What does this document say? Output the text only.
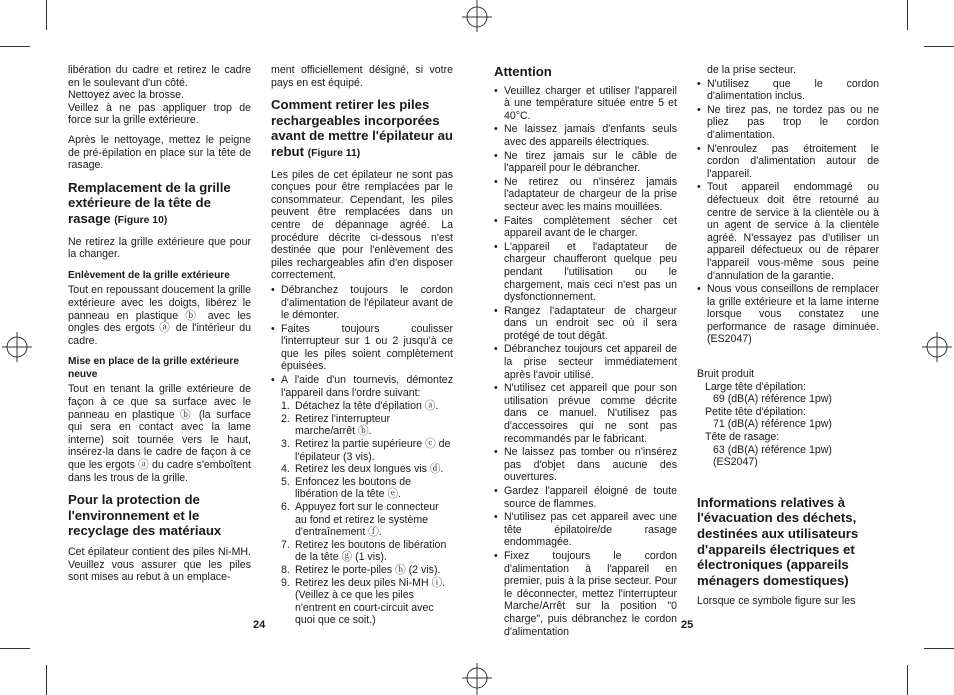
libération du cadre et retirez le cadre en le soulevant d'un côté.

Nettoyez avec la brosse.

Veillez à ne pas appliquer trop de force sur la grille extérieure.

Après le nettoyage, mettez le peigne de pré-épilation en place sur la tête de rasage.

Remplacement de la grille extérieure de la tête de rasage (Figure 10)

Ne retirez la grille extérieure que pour la changer.

Enlèvement de la grille extérieure

Tout en repoussant doucement la grille extérieure avec les doigts, libérez le panneau en plastique ⓑ avec les ongles des ergots ⓐ de l'intérieur du cadre.

Mise en place de la grille extérieure neuve

Tout en tenant la grille extérieure de façon à ce que sa surface avec le panneau en plastique ⓑ (la surface qui sera en contact avec la lame interne) soit tournée vers le haut, insérez-la dans le cadre de façon à ce que les ergots ⓐ du cadre s'emboîtent dans les trous de la grille.

Pour la protection de l'environnement et le recyclage des matériaux

Cet épilateur contient des piles Ni-MH. Veuillez vous assurer que les piles sont mises au rebut à un emplace-

ment officiellement désigné, si votre pays en est équipé.

Comment retirer les piles rechargeables incorporées avant de mettre l'épilateur au rebut (Figure 11)

Les piles de cet épilateur ne sont pas conçues pour être remplacées par le consommateur. Cependant, les piles peuvent être remplacées dans un centre de dépannage agréé. La procédure décrite ci-dessous n'est destinée que pour l'enlèvement des piles rechargeables afin d'en disposer correctement.

• Débranchez toujours le cordon d'alimentation de l'épilateur avant de le démonter.
• Faites toujours coulisser l'interrupteur sur 1 ou 2 jusqu'à ce que les piles soient complètement épuisées.
• A l'aide d'un tournevis, démontez l'appareil dans l'ordre suivant:
1. Détachez la tête d'épilation ⓐ.
2. Retirez l'interrupteur marche/arrêt ⓑ.
3. Retirez la partie supérieure ⓒ de l'épilateur (3 vis).
4. Retirez les deux longues vis ⓓ.
5. Enfoncez les boutons de libération de la tête ⓔ.
6. Appuyez fort sur le connecteur au fond et retirez le système d'entraînement ⓕ.
7. Retirez les boutons de libération de la tête ⓖ (1 vis).
8. Retirez le porte-piles ⓗ (2 vis).
9. Retirez les deux piles Ni-MH ⓘ. (Veillez à ce que les piles n'entrent en court-circuit avec quoi que ce soit.)
24
Attention
• Veuillez charger et utiliser l'appareil à une température située entre 5 et 40°C.
• Ne laissez jamais d'enfants seuls avec des appareils électriques.
• Ne tirez jamais sur le câble de l'appareil pour le débrancher.
• Ne retirez ou n'insérez jamais l'adaptateur de chargeur de la prise secteur avec les mains mouillées.
• Faites complètement sécher cet appareil avant de le charger.
• L'appareil et l'adaptateur de chargeur chaufferont quelque peu pendant l'utilisation ou le chargement, mais ceci n'est pas un dysfonctionnement.
• Rangez l'adaptateur de chargeur dans un endroit sec où il sera protégé de tout dégât.
• Débranchez toujours cet appareil de la prise secteur immédiatement après l'avoir utilisé.
• N'utilisez cet appareil que pour son utilisation prévue comme décrite dans ce manuel. N'utilisez pas d'accessoires qui ne sont pas recommandés par le fabricant.
• Ne laissez pas tomber ou n'insérez pas d'objet dans aucune des ouvertures.
• Gardez l'appareil éloigné de toute source de flammes.
• N'utilisez pas cet appareil avec une tête épilatoire/de rasage endommagée.
• Fixez toujours le cordon d'alimentation à l'appareil en premier, puis à la prise secteur. Pour le déconnecter, mettez l'interrupteur Marche/Arrêt sur la position "0 charge", puis débranchez le cordon d'alimentation

de la prise secteur.

• N'utilisez que le cordon d'alimentation inclus.
• Ne tirez pas, ne tordez pas ou ne pliez pas trop le cordon d'alimentation.
• N'enroulez pas étroitement le cordon d'alimentation autour de l'appareil.
• Tout appareil endommagé ou défectueux doit être retourné au centre de service à la clientèle ou à un agent de service à la clientèle agréé. N'essayez pas d'utiliser un appareil défectueux ou de réparer l'appareil vous-même sous peine d'annulation de la garantie.
• Nous vous conseillons de remplacer la grille extérieure et la lame interne lorsque vous constatez une performance de rasage diminuée. (ES2047)
Bruit produit
Large tête d'épilation:
69 (dB(A) référence 1pw)
Petite tête d'épilation:
71 (dB(A) référence 1pw)
Tête de rasage:
63 (dB(A) référence 1pw) (ES2047)
Informations relatives à l'évacuation des déchets, destinées aux utilisateurs d'appareils électriques et électroniques (appareils ménagers domestiques)

Lorsque ce symbole figure sur les

25
